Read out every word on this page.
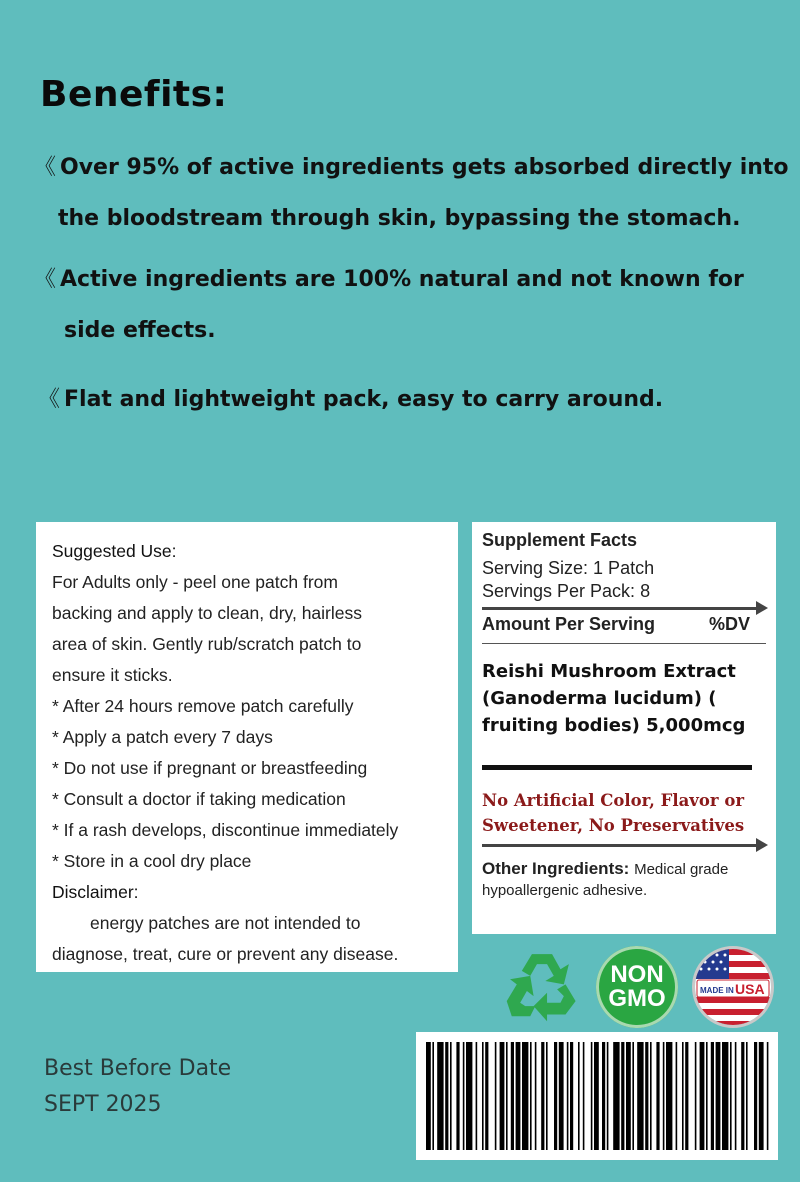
Benefits:
《 Over 95% of active ingredients gets absorbed directly into
the bloodstream through skin, bypassing the stomach.
《 Active ingredients are 100% natural and not known for
side effects.
《 Flat and lightweight pack, easy to carry around.
Suggested Use:
For Adults only - peel one patch from
backing and apply to clean, dry, hairless
area of skin. Gently rub/scratch patch to
ensure it sticks.
* After 24 hours remove patch carefully
* Apply a patch every 7 days
* Do not use if pregnant or breastfeeding
* Consult a doctor if taking medication
* If a rash develops, discontinue immediately
* Store in a cool dry place
Disclaimer:
energy patches are not intended to
diagnose, treat, cure or prevent any disease.
Supplement Facts
Serving Size: 1 Patch
Servings Per Pack: 8
Amount Per Serving	%DV
Reishi Mushroom Extract
(Ganoderma lucidum) (
fruiting bodies) 5,000mcg
No Artificial Color, Flavor or
Sweetener, No Preservatives
Other Ingredients: Medical grade
hypoallergenic adhesive.
NON
GMO	MADE IN USA
Best Before Date
SEPT 2025
